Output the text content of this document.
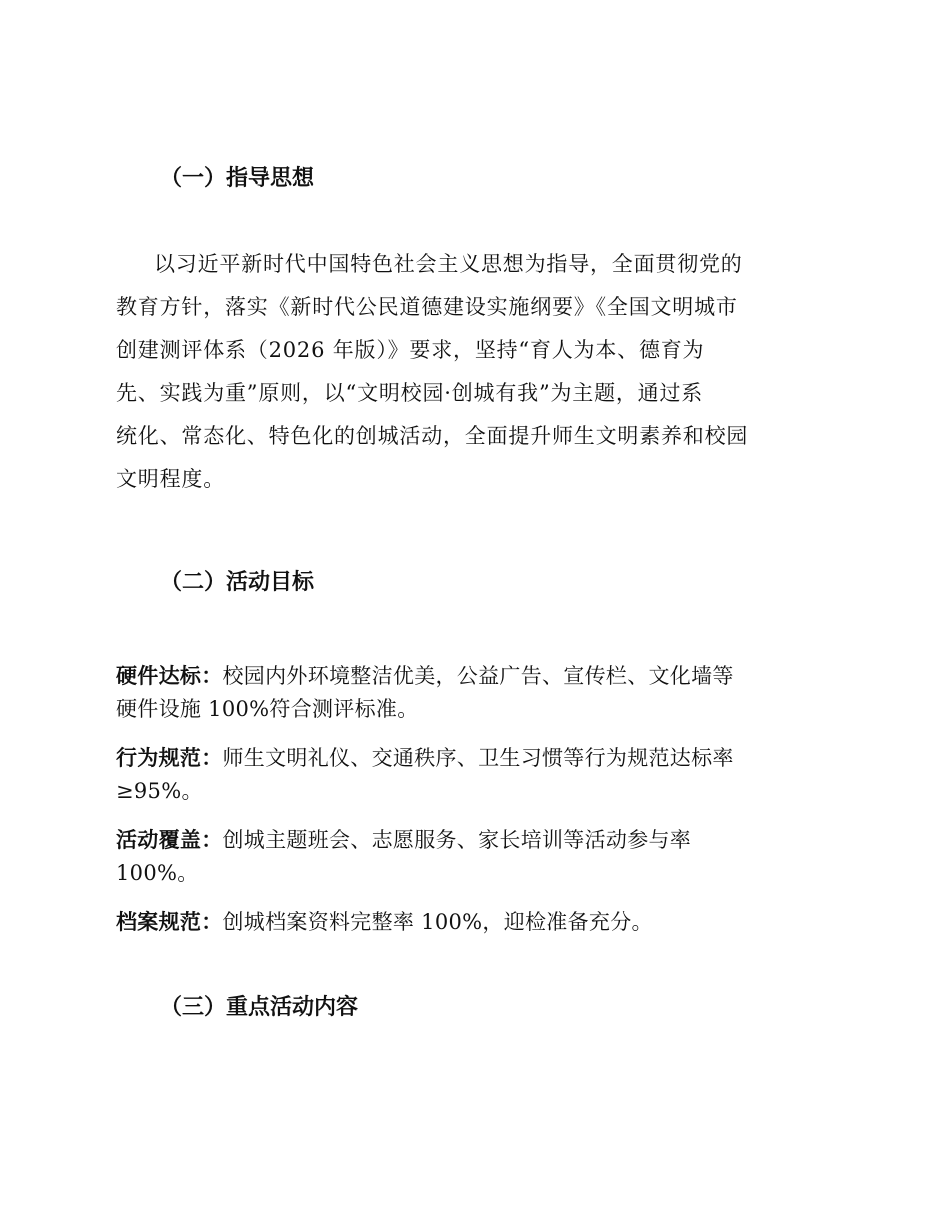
（一）指导思想

以习近平新时代中国特色社会主义思想为指导，全面贯彻党的
教育方针，落实《新时代公民道德建设实施纲要》《全国文明城市
创建测评体系（2026 年版）》要求，坚持“育人为本、德育为
先、实践为重”原则，以“文明校园·创城有我”为主题，通过系
统化、常态化、特色化的创城活动，全面提升师生文明素养和校园
文明程度。

（二）活动目标
硬件达标：校园内外环境整洁优美，公益广告、宣传栏、文化墙等
硬件设施 100%符合测评标准。
行为规范：师生文明礼仪、交通秩序、卫生习惯等行为规范达标率
≥95%。
活动覆盖：创城主题班会、志愿服务、家长培训等活动参与率
100%。
档案规范：创城档案资料完整率 100%，迎检准备充分。
（三）重点活动内容
